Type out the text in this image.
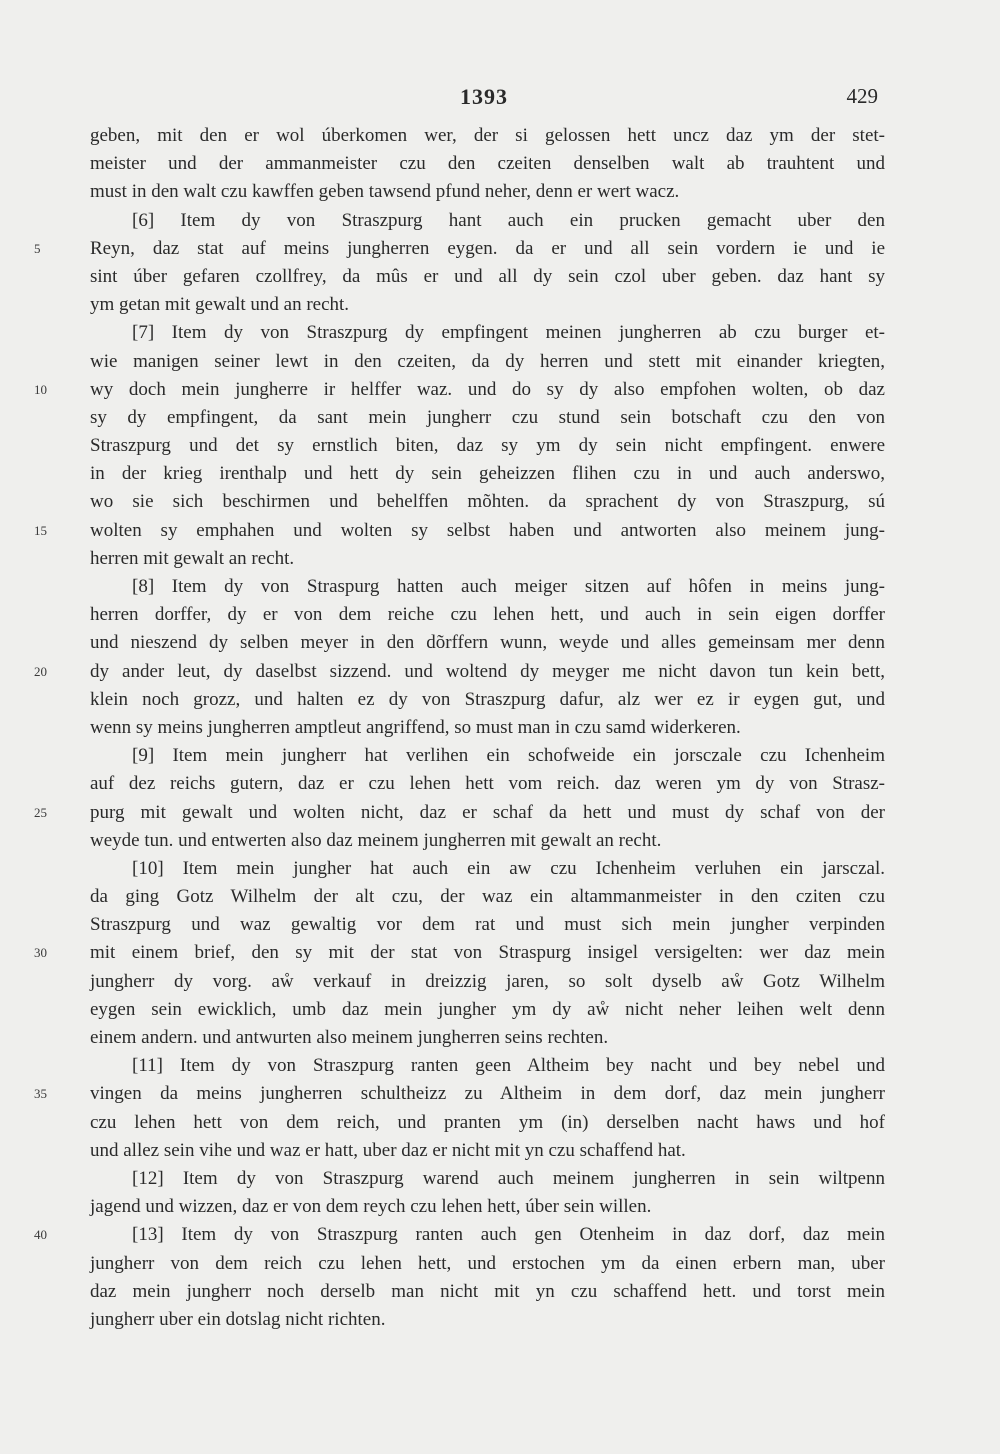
1393	429
geben, mit den er wol úberkomen wer, der si gelossen hett uncz daz ym der stet-
meister und der ammanmeister czu den czeiten denselben walt ab trauhtent und
must in den walt czu kawffen geben tawsend pfund neher, denn er wert wacz.
[6] Item dy von Straszpurg hant auch ein prucken gemacht uber den
5	Reyn, daz stat auf meins jungherren eygen. da er und all sein vordern ie und ie
sint úber gefaren czollfrey, da mûs er und all dy sein czol uber geben. daz hant sy
ym getan mit gewalt und an recht.
[7] Item dy von Straszpurg dy empfingent meinen jungherren ab czu burger et-
wie manigen seiner lewt in den czeiten, da dy herren und stett mit einander kriegten,
10	wy doch mein jungherre ir helffer waz. und do sy dy also empfohen wolten, ob daz
sy dy empfingent, da sant mein jungherr czu stund sein botschaft czu den von
Straszpurg und det sy ernstlich biten, daz sy ym dy sein nicht empfingent. enwere
in der krieg irenthalp und hett dy sein geheizzen flihen czu in und auch anderswo,
wo sie sich beschirmen und behelffen mõhten. da sprachent dy von Straszpurg, sú
15	wolten sy emphahen und wolten sy selbst haben und antworten also meinem jung-
herren mit gewalt an recht.
[8] Item dy von Strаspurg hatten auch meiger sitzen auf hôfen in meins jung-
herren dorffer, dy er von dem reiche czu lehen hett, und auch in sein eigen dorffer
und nieszend dy selben meyer in den dõrffern wunn, weyde und alles gemeinsam mer denn
20	dy ander leut, dy daselbst sizzend. und woltend dy meyger me nicht davon tun kein bett,
klein noch grozz, und halten ez dy von Straszpurg dafur, alz wer ez ir eygen gut, und
wenn sy meins jungherren amptleut angriffend, so must man in czu samd widerkeren.
[9] Item mein jungherr hat verlihen ein schofweide ein jorsczale czu Ichenheim
auf dez reichs gutern, daz er czu lehen hett vom reich. daz weren ym dy von Strasz-
25	purg mit gewalt und wolten nicht, daz er schaf da hett und must dy schaf von der
weyde tun. und entwerten also daz meinem jungherren mit gewalt an recht.
[10] Item mein jungher hat auch ein aw czu Ichenheim verluhen ein jarsczal.
da ging Gotz Wilhelm der alt czu, der waz ein altammanmeister in den cziten czu
Straszpurg und waz gewaltig vor dem rat und must sich mein jungher verpinden
30	mit einem brief, den sy mit der stat von Straspurg insigel versigelten: wer daz mein
jungherr dy vorg. aẘ verkauf in dreizzig jaren, so solt dyselb aẘ Gotz Wilhelm
eygen sein ewicklich, umb daz mein jungher ym dy aẘ nicht neher leihen welt denn
einem andern. und antwurten also meinem jungherren seins rechten.
[11] Item dy von Straszpurg ranten geen Altheim bey nacht und bey nebel und
35	vingen da meins jungherren schultheizz zu Altheim in dem dorf, daz mein jungherr
czu lehen hett von dem reich, und pranten ym (in) derselben nacht haws und hof
und allez sein vihe und waz er hatt, uber daz er nicht mit yn czu schaffend hat.
[12] Item dy von Straszpurg warend auch meinem jungherren in sein wiltpenn
jagend und wizzen, daz er von dem reych czu lehen hett, úber sein willen.
40	[13] Item dy von Straszpurg ranten auch gen Otenheim in daz dorf, daz mein
jungherr von dem reich czu lehen hett, und erstochen ym da einen erbern man, uber
daz mein jungherr noch derselb man nicht mit yn czu schaffend hett. und torst mein
jungherr uber ein dotslag nicht richten.
